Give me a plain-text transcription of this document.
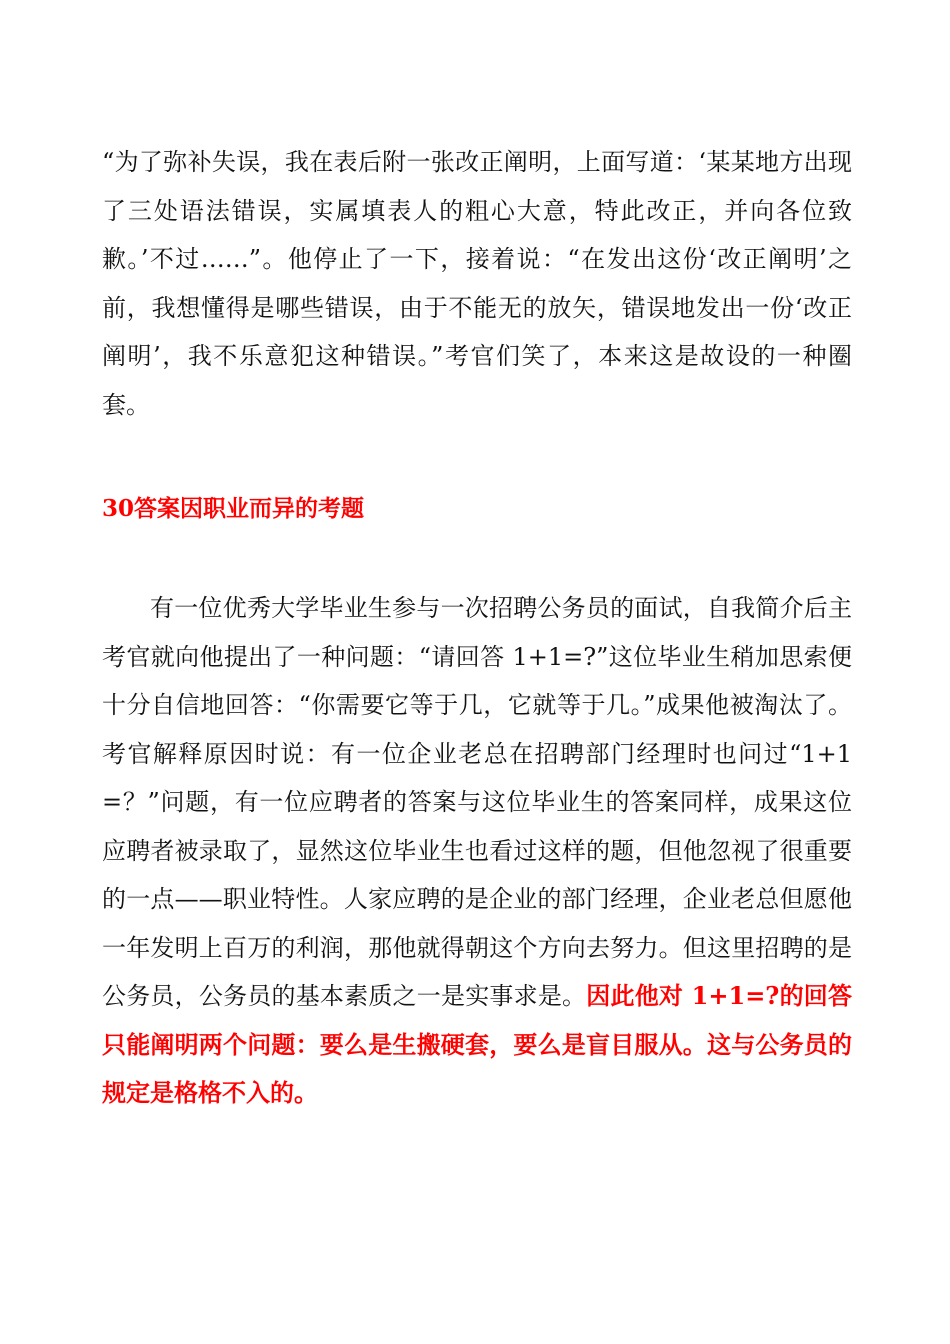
“为了弥补失误，我在表后附一张改正阐明，上面写道：‘某某地方出现了三处语法错误，实属填表人的粗心大意，特此改正，并向各位致歉。’不过……”。他停止了一下，接着说：“在发出这份‘改正阐明’之前，我想懂得是哪些错误，由于不能无的放矢，错误地发出一份‘改正阐明’，我不乐意犯这种错误。”考官们笑了，本来这是故设的一种圈套。

30答案因职业而异的考题

有一位优秀大学毕业生参与一次招聘公务员的面试，自我简介后主考官就向他提出了一种问题：“请回答 1+1=?”这位毕业生稍加思索便十分自信地回答：“你需要它等于几，它就等于几。”成果他被淘汰了。考官解释原因时说：有一位企业老总在招聘部门经理时也问过“1+1 =？”问题，有一位应聘者的答案与这位毕业生的答案同样，成果这位应聘者被录取了，显然这位毕业生也看过这样的题，但他忽视了很重要的一点——职业特性。人家应聘的是企业的部门经理，企业老总但愿他一年发明上百万的利润，那他就得朝这个方向去努力。但这里招聘的是公务员，公务员的基本素质之一是实事求是。因此他对 1+1=?的回答只能阐明两个问题：要么是生搬硬套，要么是盲目服从。这与公务员的规定是格格不入的。
